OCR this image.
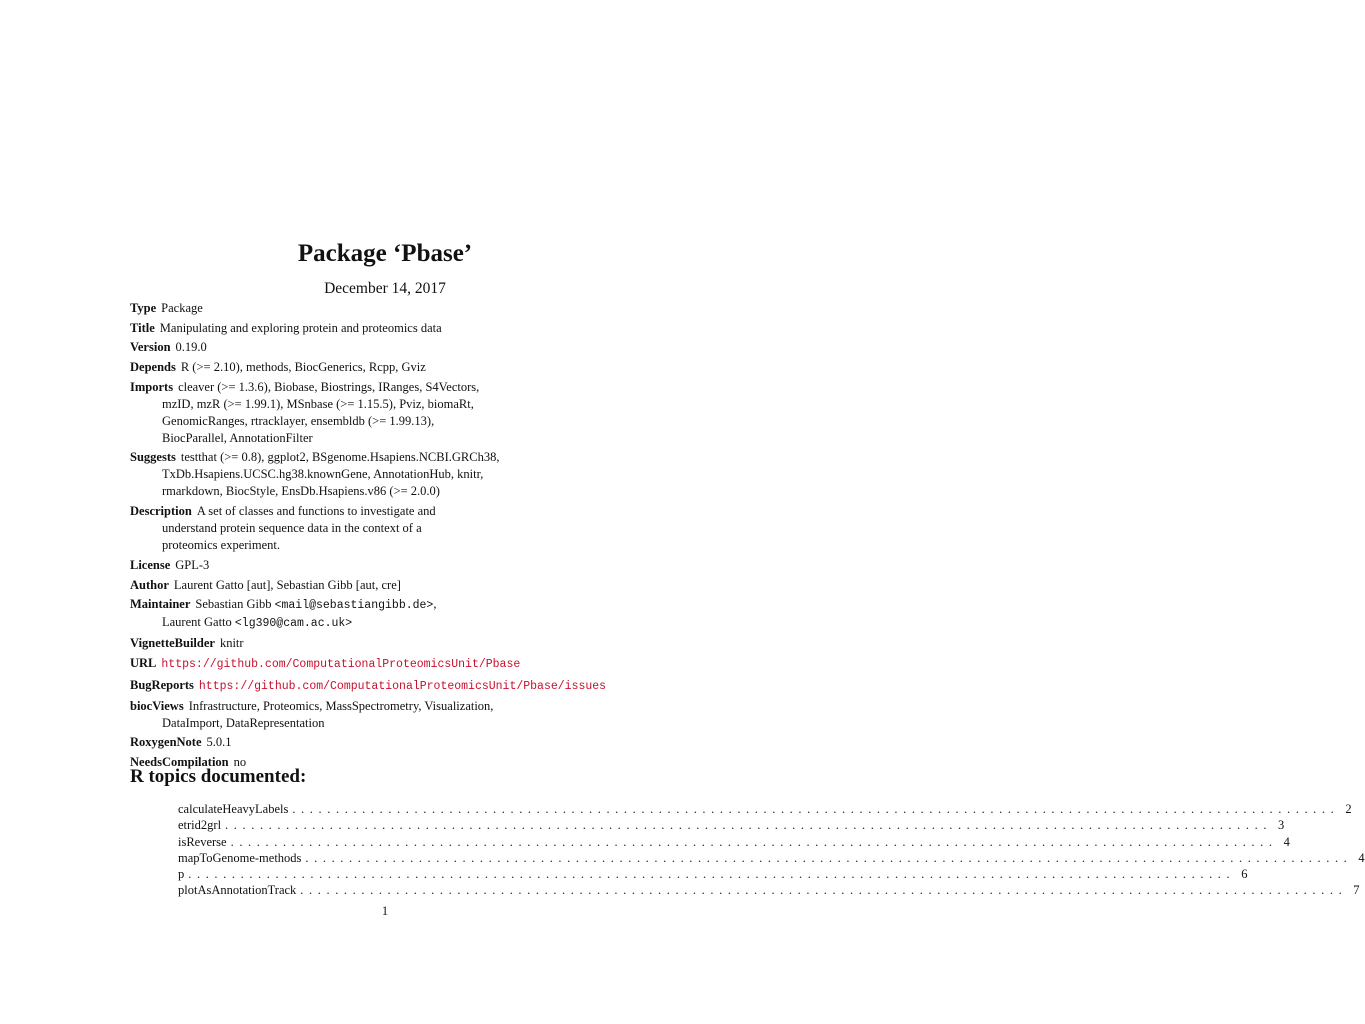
Package ‘Pbase’
December 14, 2017
Type Package
Title Manipulating and exploring protein and proteomics data
Version 0.19.0
Depends R (>= 2.10), methods, BiocGenerics, Rcpp, Gviz
Imports cleaver (>= 1.3.6), Biobase, Biostrings, IRanges, S4Vectors,
mzID, mzR (>= 1.99.1), MSnbase (>= 1.15.5), Pviz, biomaRt,
GenomicRanges, rtracklayer, ensembldb (>= 1.99.13),
BiocParallel, AnnotationFilter
Suggests testthat (>= 0.8), ggplot2, BSgenome.Hsapiens.NCBI.GRCh38,
TxDb.Hsapiens.UCSC.hg38.knownGene, AnnotationHub, knitr,
rmarkdown, BiocStyle, EnsDb.Hsapiens.v86 (>= 2.0.0)
Description A set of classes and functions to investigate and
understand protein sequence data in the context of a
proteomics experiment.
License GPL-3
Author Laurent Gatto [aut], Sebastian Gibb [aut, cre]
Maintainer Sebastian Gibb <mail@sebastiangibb.de>,
Laurent Gatto <lg390@cam.ac.uk>
VignetteBuilder knitr
URL https://github.com/ComputationalProteomicsUnit/Pbase
BugReports https://github.com/ComputationalProteomicsUnit/Pbase/issues
biocViews Infrastructure, Proteomics, MassSpectrometry, Visualization,
DataImport, DataRepresentation
RoxygenNote 5.0.1
NeedsCompilation no
R topics documented:
calculateHeavyLabels ........................................................................................................................ 2
etrid2grl ........................................................................................................................ 3
isReverse ........................................................................................................................ 4
mapToGenome-methods ........................................................................................................................ 4
p ........................................................................................................................ 6
plotAsAnnotationTrack ........................................................................................................................ 7
1
